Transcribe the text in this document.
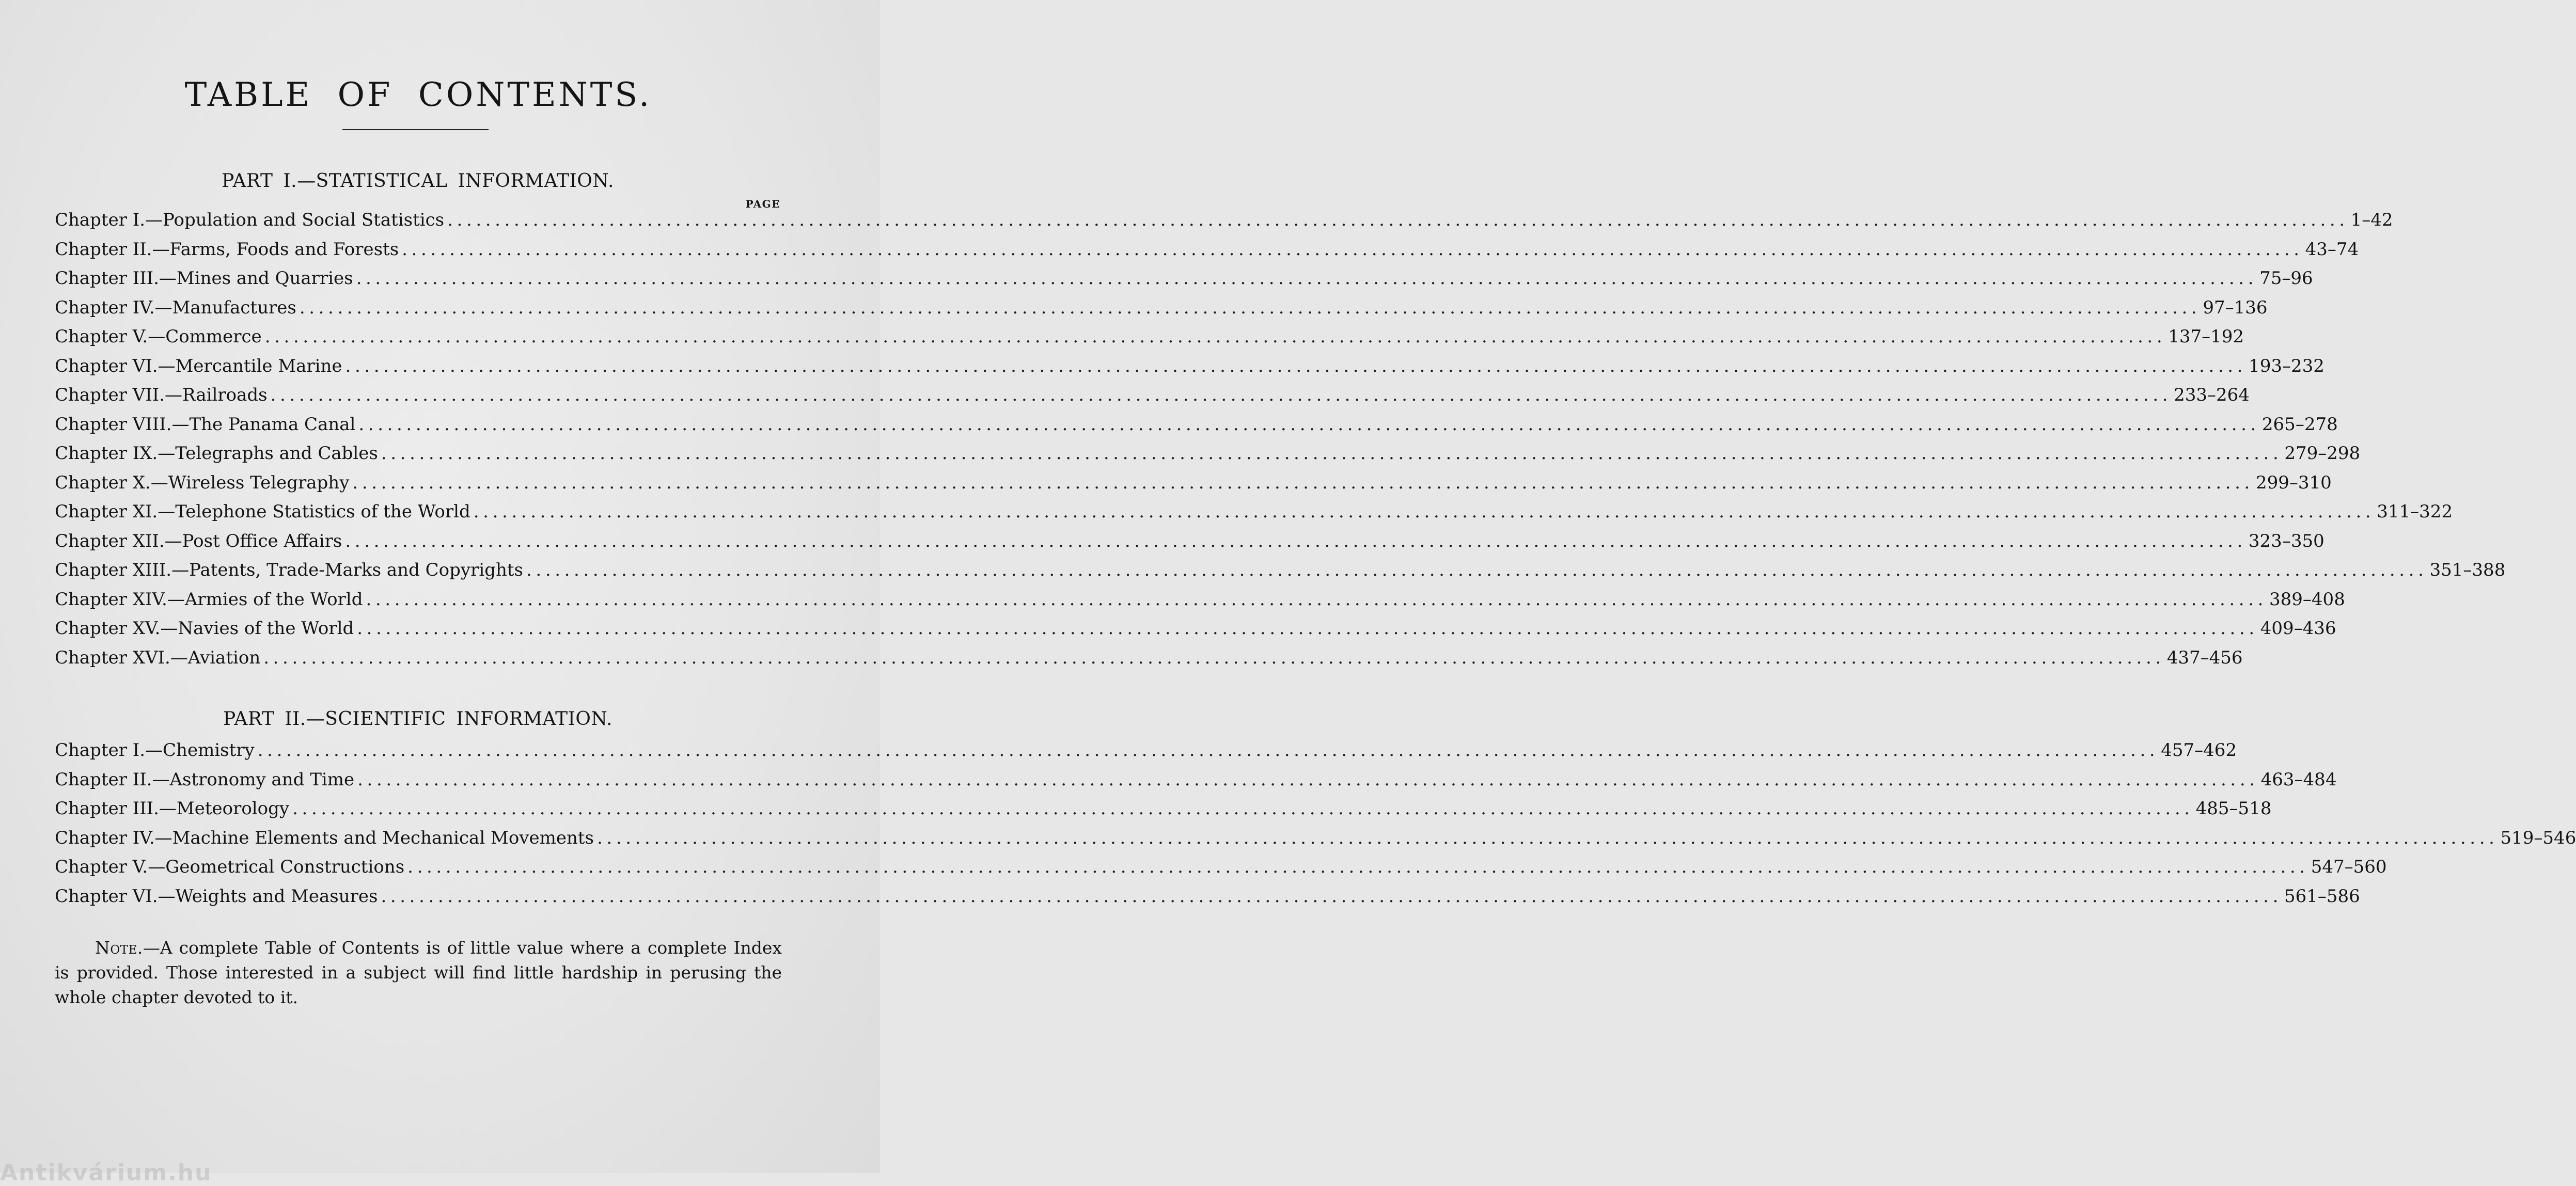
TABLE OF CONTENTS.
PART I.—STATISTICAL INFORMATION.
PAGE
Chapter I.—Population and Social Statistics ........................................................................................................................................................................................................ 1–42
Chapter II.—Farms, Foods and Forests ........................................................................................................................................................................................................ 43–74
Chapter III.—Mines and Quarries ........................................................................................................................................................................................................ 75–96
Chapter IV.—Manufactures ........................................................................................................................................................................................................ 97–136
Chapter V.—Commerce ........................................................................................................................................................................................................ 137–192
Chapter VI.—Mercantile Marine ........................................................................................................................................................................................................ 193–232
Chapter VII.—Railroads ........................................................................................................................................................................................................ 233–264
Chapter VIII.—The Panama Canal ........................................................................................................................................................................................................ 265–278
Chapter IX.—Telegraphs and Cables ........................................................................................................................................................................................................ 279–298
Chapter X.—Wireless Telegraphy ........................................................................................................................................................................................................ 299–310
Chapter XI.—Telephone Statistics of the World ........................................................................................................................................................................................................ 311–322
Chapter XII.—Post Office Affairs ........................................................................................................................................................................................................ 323–350
Chapter XIII.—Patents, Trade-Marks and Copyrights ........................................................................................................................................................................................................ 351–388
Chapter XIV.—Armies of the World ........................................................................................................................................................................................................ 389–408
Chapter XV.—Navies of the World ........................................................................................................................................................................................................ 409–436
Chapter XVI.—Aviation ........................................................................................................................................................................................................ 437–456
PART II.—SCIENTIFIC INFORMATION.
Chapter I.—Chemistry ........................................................................................................................................................................................................ 457–462
Chapter II.—Astronomy and Time ........................................................................................................................................................................................................ 463–484
Chapter III.—Meteorology ........................................................................................................................................................................................................ 485–518
Chapter IV.—Machine Elements and Mechanical Movements ........................................................................................................................................................................................................ 519–546
Chapter V.—Geometrical Constructions ........................................................................................................................................................................................................ 547–560
Chapter VI.—Weights and Measures ........................................................................................................................................................................................................ 561–586

Note.—A complete Table of Contents is of little value where a complete Index is provided. Those interested in a subject will find little hardship in perusing the whole chapter devoted to it.

Antikvárium.hu
